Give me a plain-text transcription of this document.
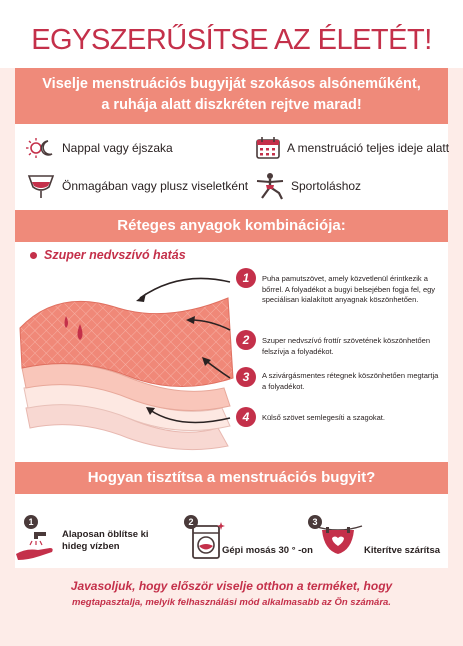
EGYSZERŰSÍTSE AZ ÉLETÉT!
Viselje menstruációs bugyiját szokásos alsóneműként,
a ruhája alatt diszkréten rejtve marad!
Nappal vagy éjszaka	A menstruáció teljes ideje alatt
Önmagában vagy plusz viseletként	Sportoláshoz
Réteges anyagok kombinációja:
Szuper nedvszívó hatás
1	Puha pamutszövet, amely közvetlenül érintkezik a bőrrel. A folyadékot a bugyi belsejében fogja fel, egy speciálisan kialakított anyagnak köszönhetően.
2	Szuper nedvszívó frottír szövetének köszönhetően felszívja a folyadékot.
3	A szivárgásmentes rétegnek köszönhetően megtartja a folyadékot.
4	Külső szövet semlegesíti a szagokat.
Hogyan tisztítsa a menstruációs bugyit?
1
Alaposan öblítse ki
hideg vízben
2
Gépi mosás 30 ° -on
3
Kiterítve szárítsa
Javasoljuk, hogy először viselje otthon a terméket, hogy
megtapasztalja, melyik felhasználási mód alkalmasabb az Ön számára.
